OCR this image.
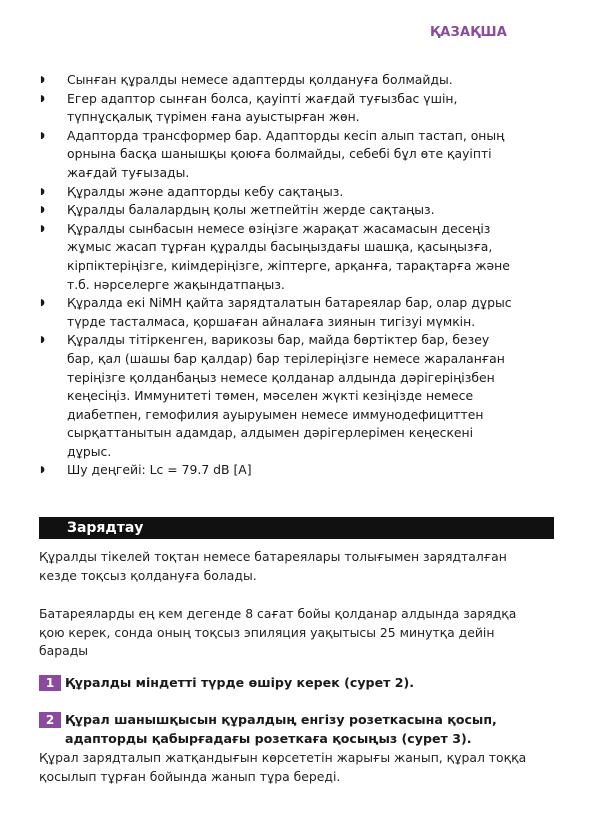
ҚАЗАҚША
◗ Сынған құралды немесе адаптерды қолдануға болмайды.
◗ Егер адаптор сынған болса, қауіпті жағдай туғызбас үшін,
түпнұсқалық түрімен ғана ауыстырған жөн.
◗ Адапторда трансформер бар. Адапторды кесіп алып тастап, оның
орнына басқа шанышқы қоюға болмайды, себебі бұл өте қауіпті
жағдай туғызады.
◗ Құралды және адапторды кебу сақтаңыз.
◗ Құралды балалардың қолы жетпейтін жерде сақтаңыз.
◗ Құралды сынбасын немесе өзіңізге жарақат жасамасын десеңіз
жұмыс жасап тұрған құралды басыңыздағы шашқа, қасыңызға,
кірпіктеріңізге, киімдеріңізге, жіптерге, арқанға, тарақтарға және
т.б. нәрселерге жақындатпаңыз.
◗ Құралда екі NiMH қайта зарядталатын батареялар бар, олар дұрыс
түрде тасталмаса, қоршаған айналаға зиянын тигізуі мүмкін.
◗ Құралды тітіркенген, варикозы бар, майда бөртіктер бар, безеу
бар, қал (шашы бар қалдар) бар терілеріңізге немесе жараланған
теріңізге қолданбаңыз немесе қолданар алдында дәрігеріңізбен
кеңесіңіз. Иммунитеті төмен, мәселен жүкті кезіңізде немесе
диабетпен, гемофилия ауыруымен немесе иммунодефициттен
сырқаттанытын адамдар, алдымен дәрігерлерімен кеңескені
дұрыс.
◗ Шу деңгейі: Lc = 79.7 dB [A]
Зарядтау

Құралды тікелей тоқтан немесе батареялары толығымен зарядталған
кезде тоқсыз қолдануға болады.

Батареяларды ең кем дегенде 8 сағат бойы қолданар алдында зарядқа
қою керек, сонда оның тоқсыз эпиляция уақытысы 25 минутқа дейін
барады

1 Құралды міндетті түрде өшіру керек (сурет 2).
2 Құрал шанышқысын құралдың енгізу розеткасына қосып,
адапторды қабырғадағы розеткаға қосыңыз (сурет 3).

Құрал зарядталып жатқандығын көрсететін жарығы жанып, құрал тоққа
қосылып тұрған бойында жанып тұра береді.
